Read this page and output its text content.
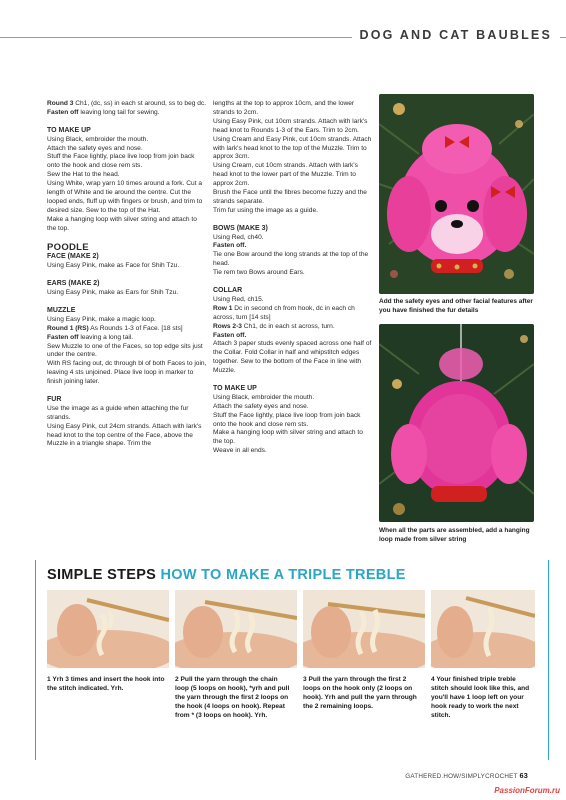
DOG AND CAT BAUBLES

Round 3 Ch1, (dc, ss) in each st around, ss to beg dc.

Fasten off leaving long tail for sewing.

TO MAKE UP

Using Black, embroider the mouth.

Attach the safety eyes and nose.

Stuff the Face lightly, place live loop from join back onto the hook and close rem sts.

Sew the Hat to the head.

Using White, wrap yarn 10 times around a fork. Cut a length of White and tie around the centre. Cut the looped ends, fluff up with fingers or brush, and trim to desired size. Sew to the top of the Hat.

Make a hanging loop with silver string and attach to the top.

POODLE
FACE (MAKE 2)

Using Easy Pink, make as Face for Shih Tzu.

EARS (MAKE 2)

Using Easy Pink, make as Ears for Shih Tzu.

MUZZLE

Using Easy Pink, make a magic loop.

Round 1 (RS) As Rounds 1-3 of Face. [18 sts]

Fasten off leaving a long tail.

Sew Muzzle to one of the Faces, so top edge sits just under the centre.

With RS facing out, dc through bl of both Faces to join, leaving 4 sts unjoined. Place live loop in marker to finish joining later.

FUR

Use the image as a guide when attaching the fur strands.

Using Easy Pink, cut 24cm strands. Attach with lark's head knot to the top centre of the Face, above the Muzzle in a triangle shape. Trim the

lengths at the top to approx 10cm, and the lower strands to 2cm.

Using Easy Pink, cut 10cm strands. Attach with lark's head knot to Rounds 1-3 of the Ears. Trim to 2cm.

Using Cream and Easy Pink, cut 10cm strands. Attach with lark's head knot to the top of the Muzzle. Trim to approx 3cm.

Using Cream, cut 10cm strands. Attach with lark's head knot to the lower part of the Muzzle. Trim to approx 2cm.

Brush the Face until the fibres become fuzzy and the strands separate.

Trim fur using the image as a guide.

BOWS (MAKE 3)

Using Red, ch40.

Fasten off.

Tie one Bow around the long strands at the top of the head.

Tie rem two Bows around Ears.

COLLAR

Using Red, ch15.

Row 1 Dc in second ch from hook, dc in each ch across, turn [14 sts]

Rows 2-3 Ch1, dc in each st across, turn.

Fasten off.

Attach 3 paper studs evenly spaced across one half of the Collar. Fold Collar in half and whipstitch edges together. Sew to the bottom of the Face in line with Muzzle.

TO MAKE UP

Using Black, embroider the mouth.

Attach the safety eyes and nose.

Stuff the Face lightly, place live loop from join back onto the hook and close rem sts.

Make a hanging loop with silver string and attach to the top.

Weave in all ends.

Add the safety eyes and other facial features after you have finished the fur details
When all the parts are assembled, add a hanging loop made from silver string
SIMPLE STEPS HOW TO MAKE A TRIPLE TREBLE
1 Yrh 3 times and insert the hook into the stitch indicated. Yrh.
2 Pull the yarn through the chain loop (5 loops on hook), *yrh and pull the yarn through the first 2 loops on the hook (4 loops on hook). Repeat from * (3 loops on hook). Yrh.
3 Pull the yarn through the first 2 loops on the hook only (2 loops on hook). Yrh and pull the yarn through the 2 remaining loops.
4 Your finished triple treble stitch should look like this, and you'll have 1 loop left on your hook ready to work the next stitch.
GATHERED.HOW/SIMPLYCROCHET 63
PassionForum.ru
